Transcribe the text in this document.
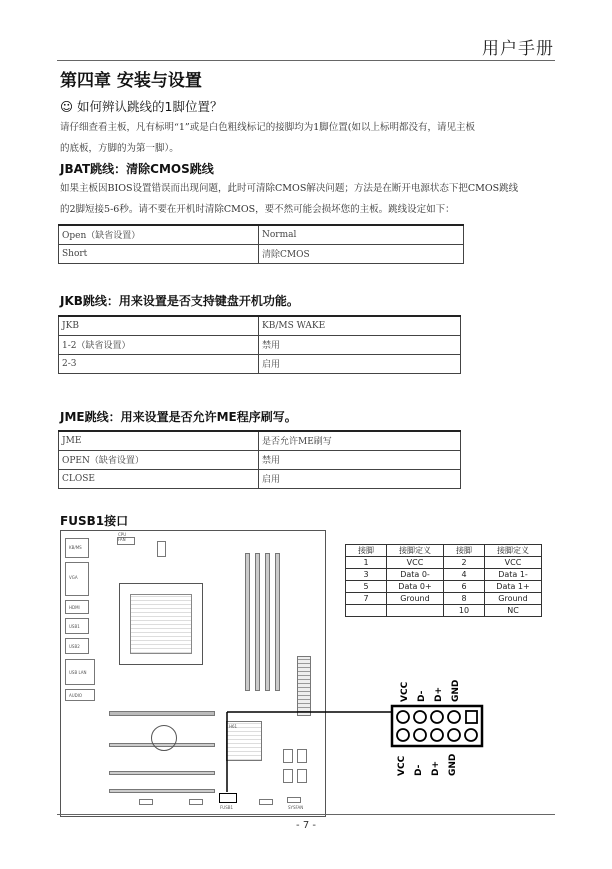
用户手册
第四章 安装与设置
☺ 如何辨认跳线的1脚位置？
请仔细查看主板，凡有标明“1”或是白色粗线标记的接脚均为1脚位置(如以上标明都没有，请见主板
的底板，方脚的为第一脚）。
JBAT跳线：清除CMOS跳线
如果主板因BIOS设置错误而出现问题，此时可清除CMOS解决问题；方法是在断开电源状态下把CMOS跳线
的2脚短接5-6秒。请不要在开机时清除CMOS，要不然可能会损坏您的主板。跳线设定如下：
Open（缺省设置）	Normal
Short	清除CMOS
JKB跳线：用来设置是否支持键盘开机功能。
JKB	KB/MS WAKE
1-2（缺省设置）	禁用
2-3	启用
JME跳线：用来设置是否允许ME程序刷写。
JME	是否允许ME刷写
OPEN（缺省设置）	禁用
CLOSE	启用
FUSB1接口
KB/MS
VGA
HDMI
USB1
USB2
USB LAN
AUDIO
CPU FAN
H61
FUSB1	SYSFAN
接脚	接脚定义	接脚	接脚定义
1	VCC	2	VCC
3	Data 0-	4	Data 1-
5	Data 0+	6	Data 1+
7	Ground	8	Ground
		10	NC
VCC D- D+ GND
VCC D- D+ GND
- 7 -
